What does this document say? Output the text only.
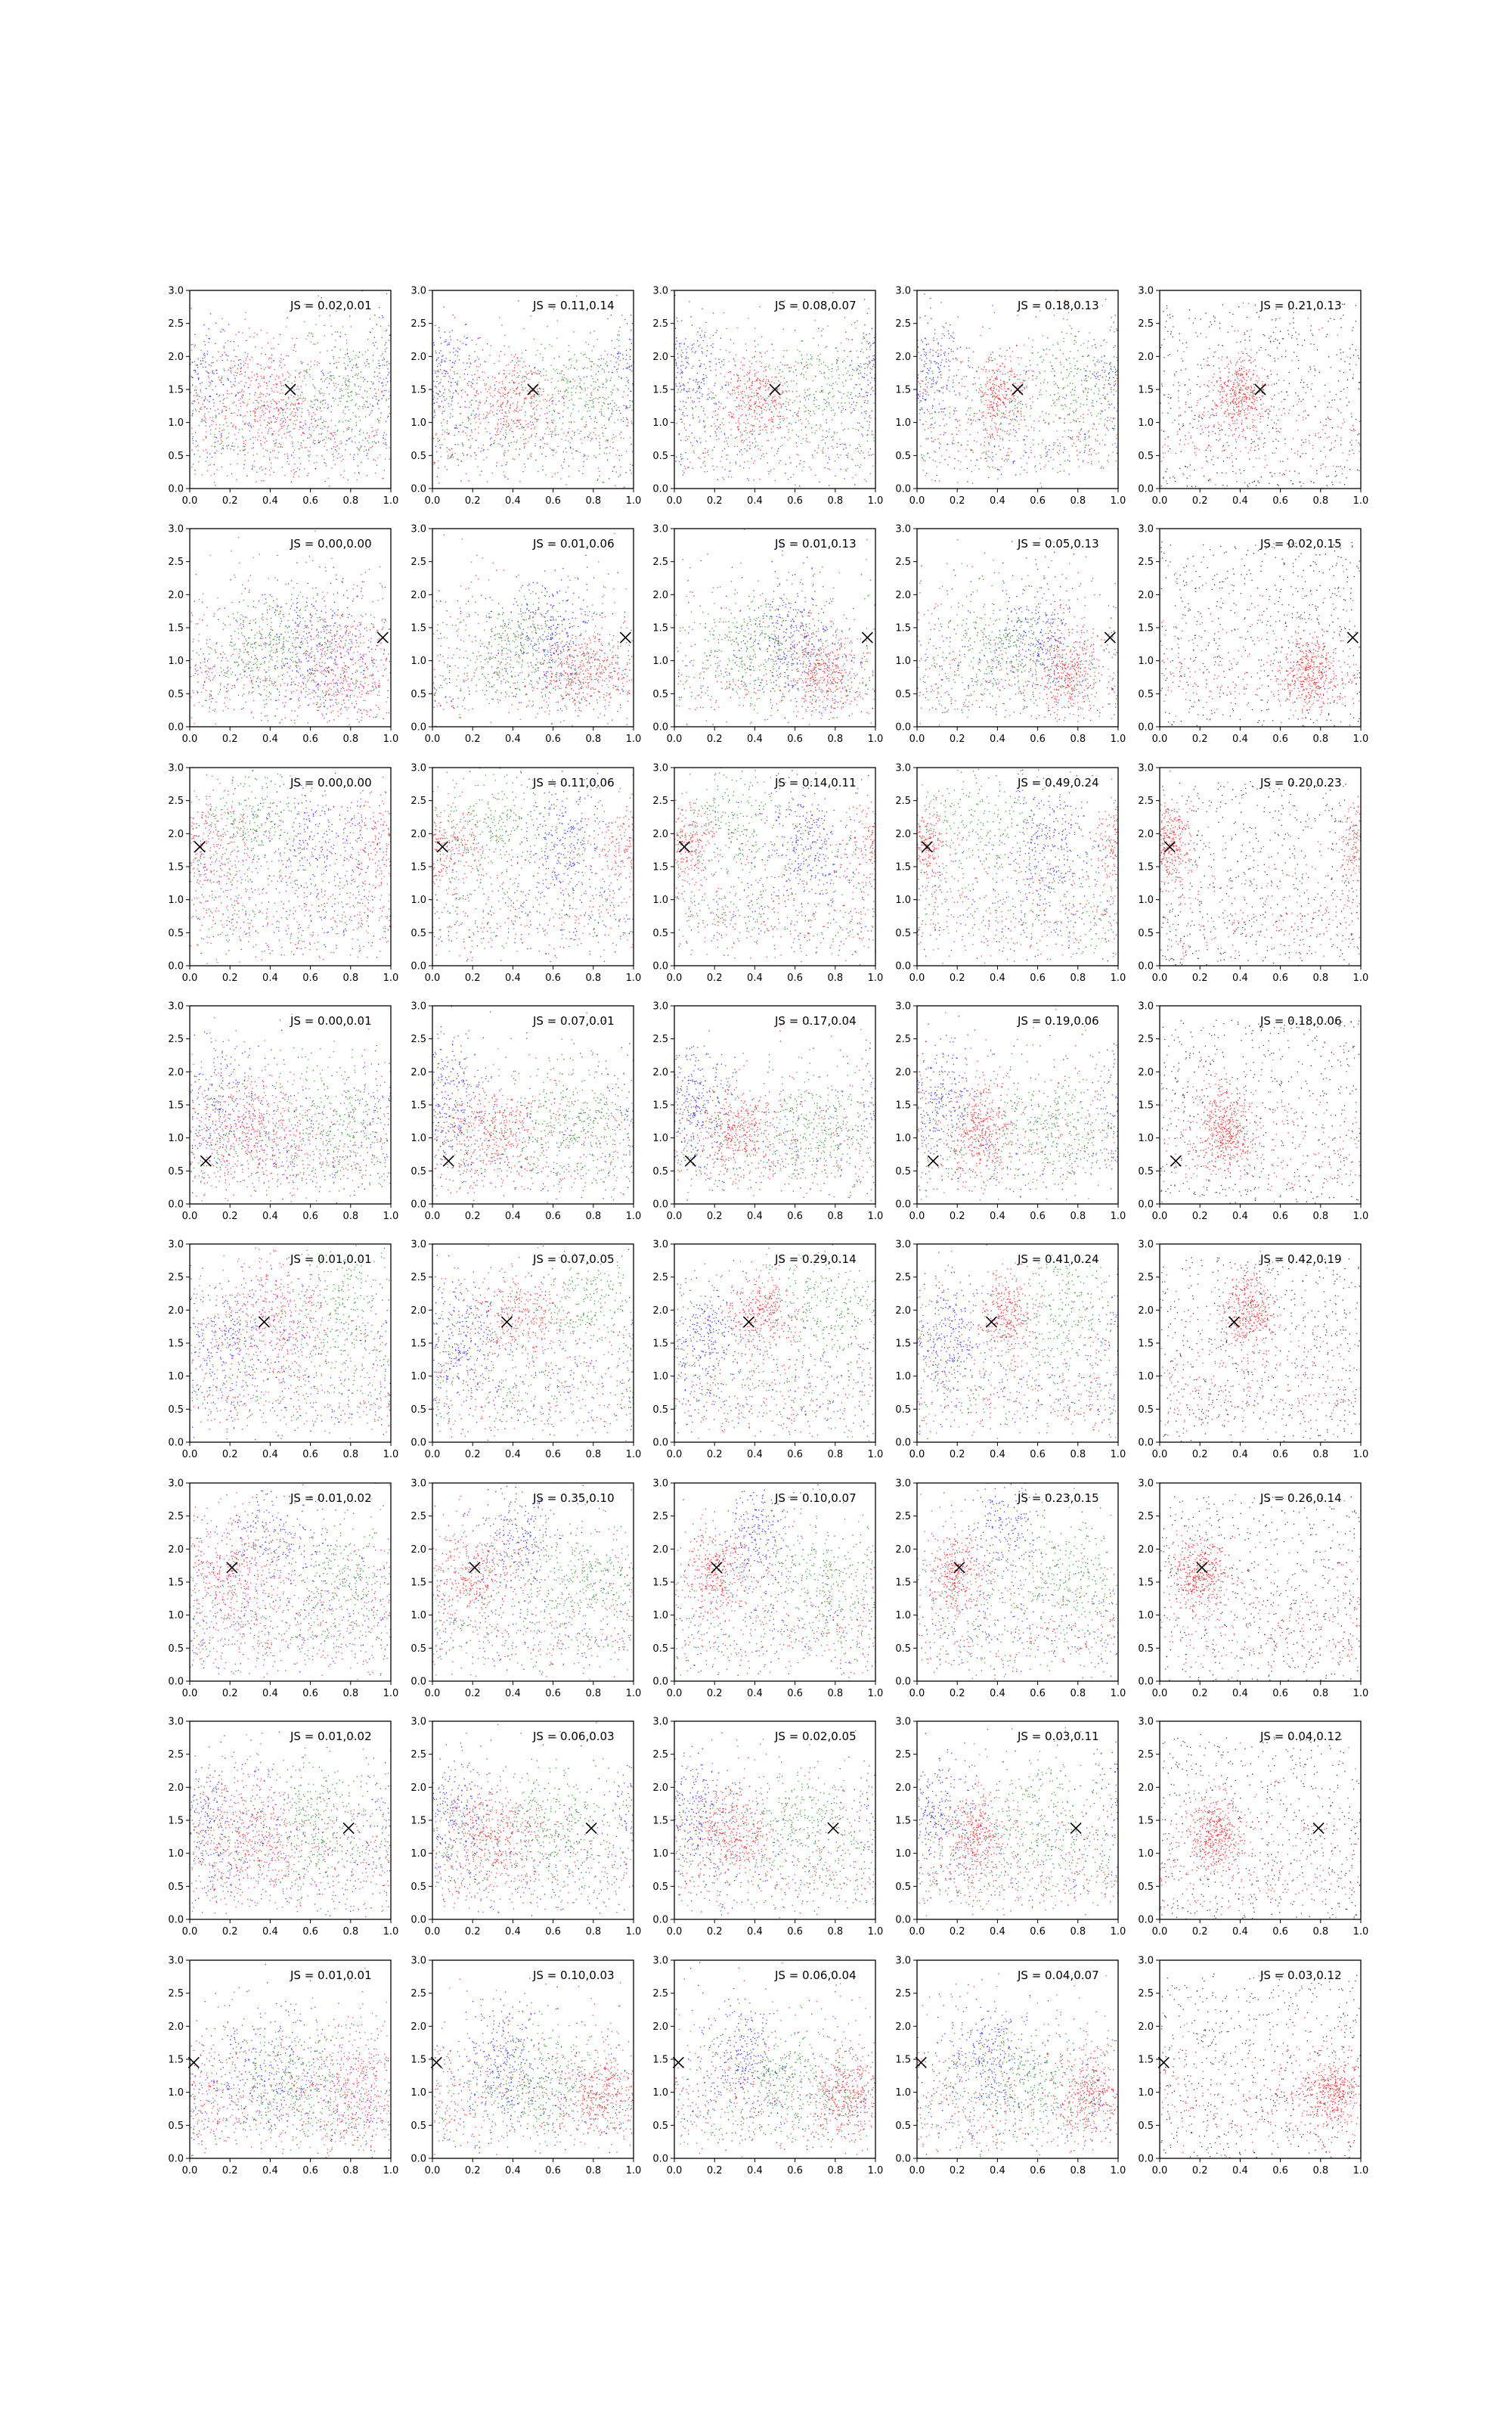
0.0	0.2	0.4	0.6	0.8	1.0
0.0
0.5
1.0
1.5
2.0
2.5
3.0
JS = 0.02,0.01
0.0	0.2	0.4	0.6	0.8	1.0
0.0
0.5
1.0
1.5
2.0
2.5
3.0
JS = 0.11,0.14
0.0	0.2	0.4	0.6	0.8	1.0
0.0
0.5
1.0
1.5
2.0
2.5
3.0
JS = 0.08,0.07
0.0	0.2	0.4	0.6	0.8	1.0
0.0
0.5
1.0
1.5
2.0
2.5
3.0
JS = 0.18,0.13
0.0	0.2	0.4	0.6	0.8	1.0
0.0
0.5
1.0
1.5
2.0
2.5
3.0
JS = 0.21,0.13
0.0	0.2	0.4	0.6	0.8	1.0
0.0
0.5
1.0
1.5
2.0
2.5
3.0
JS = 0.00,0.00
0.0	0.2	0.4	0.6	0.8	1.0
0.0
0.5
1.0
1.5
2.0
2.5
3.0
JS = 0.01,0.06
0.0	0.2	0.4	0.6	0.8	1.0
0.0
0.5
1.0
1.5
2.0
2.5
3.0
JS = 0.01,0.13
0.0	0.2	0.4	0.6	0.8	1.0
0.0
0.5
1.0
1.5
2.0
2.5
3.0
JS = 0.05,0.13
0.0	0.2	0.4	0.6	0.8	1.0
0.0
0.5
1.0
1.5
2.0
2.5
3.0
JS = 0.02,0.15
0.0	0.2	0.4	0.6	0.8	1.0
0.0
0.5
1.0
1.5
2.0
2.5
3.0
JS = 0.00,0.00
0.0	0.2	0.4	0.6	0.8	1.0
0.0
0.5
1.0
1.5
2.0
2.5
3.0
JS = 0.11,0.06
0.0	0.2	0.4	0.6	0.8	1.0
0.0
0.5
1.0
1.5
2.0
2.5
3.0
JS = 0.14,0.11
0.0	0.2	0.4	0.6	0.8	1.0
0.0
0.5
1.0
1.5
2.0
2.5
3.0
JS = 0.49,0.24
0.0	0.2	0.4	0.6	0.8	1.0
0.0
0.5
1.0
1.5
2.0
2.5
3.0
JS = 0.20,0.23
0.0	0.2	0.4	0.6	0.8	1.0
0.0
0.5
1.0
1.5
2.0
2.5
3.0
JS = 0.00,0.01
0.0	0.2	0.4	0.6	0.8	1.0
0.0
0.5
1.0
1.5
2.0
2.5
3.0
JS = 0.07,0.01
0.0	0.2	0.4	0.6	0.8	1.0
0.0
0.5
1.0
1.5
2.0
2.5
3.0
JS = 0.17,0.04
0.0	0.2	0.4	0.6	0.8	1.0
0.0
0.5
1.0
1.5
2.0
2.5
3.0
JS = 0.19,0.06
0.0	0.2	0.4	0.6	0.8	1.0
0.0
0.5
1.0
1.5
2.0
2.5
3.0
JS = 0.18,0.06
0.0	0.2	0.4	0.6	0.8	1.0
0.0
0.5
1.0
1.5
2.0
2.5
3.0
JS = 0.01,0.01
0.0	0.2	0.4	0.6	0.8	1.0
0.0
0.5
1.0
1.5
2.0
2.5
3.0
JS = 0.07,0.05
0.0	0.2	0.4	0.6	0.8	1.0
0.0
0.5
1.0
1.5
2.0
2.5
3.0
JS = 0.29,0.14
0.0	0.2	0.4	0.6	0.8	1.0
0.0
0.5
1.0
1.5
2.0
2.5
3.0
JS = 0.41,0.24
0.0	0.2	0.4	0.6	0.8	1.0
0.0
0.5
1.0
1.5
2.0
2.5
3.0
JS = 0.42,0.19
0.0	0.2	0.4	0.6	0.8	1.0
0.0
0.5
1.0
1.5
2.0
2.5
3.0
JS = 0.01,0.02
0.0	0.2	0.4	0.6	0.8	1.0
0.0
0.5
1.0
1.5
2.0
2.5
3.0
JS = 0.35,0.10
0.0	0.2	0.4	0.6	0.8	1.0
0.0
0.5
1.0
1.5
2.0
2.5
3.0
JS = 0.10,0.07
0.0	0.2	0.4	0.6	0.8	1.0
0.0
0.5
1.0
1.5
2.0
2.5
3.0
JS = 0.23,0.15
0.0	0.2	0.4	0.6	0.8	1.0
0.0
0.5
1.0
1.5
2.0
2.5
3.0
JS = 0.26,0.14
0.0	0.2	0.4	0.6	0.8	1.0
0.0
0.5
1.0
1.5
2.0
2.5
3.0
JS = 0.01,0.02
0.0	0.2	0.4	0.6	0.8	1.0
0.0
0.5
1.0
1.5
2.0
2.5
3.0
JS = 0.06,0.03
0.0	0.2	0.4	0.6	0.8	1.0
0.0
0.5
1.0
1.5
2.0
2.5
3.0
JS = 0.02,0.05
0.0	0.2	0.4	0.6	0.8	1.0
0.0
0.5
1.0
1.5
2.0
2.5
3.0
JS = 0.03,0.11
0.0	0.2	0.4	0.6	0.8	1.0
0.0
0.5
1.0
1.5
2.0
2.5
3.0
JS = 0.04,0.12
0.0	0.2	0.4	0.6	0.8	1.0
0.0
0.5
1.0
1.5
2.0
2.5
3.0
JS = 0.01,0.01
0.0	0.2	0.4	0.6	0.8	1.0
0.0
0.5
1.0
1.5
2.0
2.5
3.0
JS = 0.10,0.03
0.0	0.2	0.4	0.6	0.8	1.0
0.0
0.5
1.0
1.5
2.0
2.5
3.0
JS = 0.06,0.04
0.0	0.2	0.4	0.6	0.8	1.0
0.0
0.5
1.0
1.5
2.0
2.5
3.0
JS = 0.04,0.07
0.0	0.2	0.4	0.6	0.8	1.0
0.0
0.5
1.0
1.5
2.0
2.5
3.0
JS = 0.03,0.12
